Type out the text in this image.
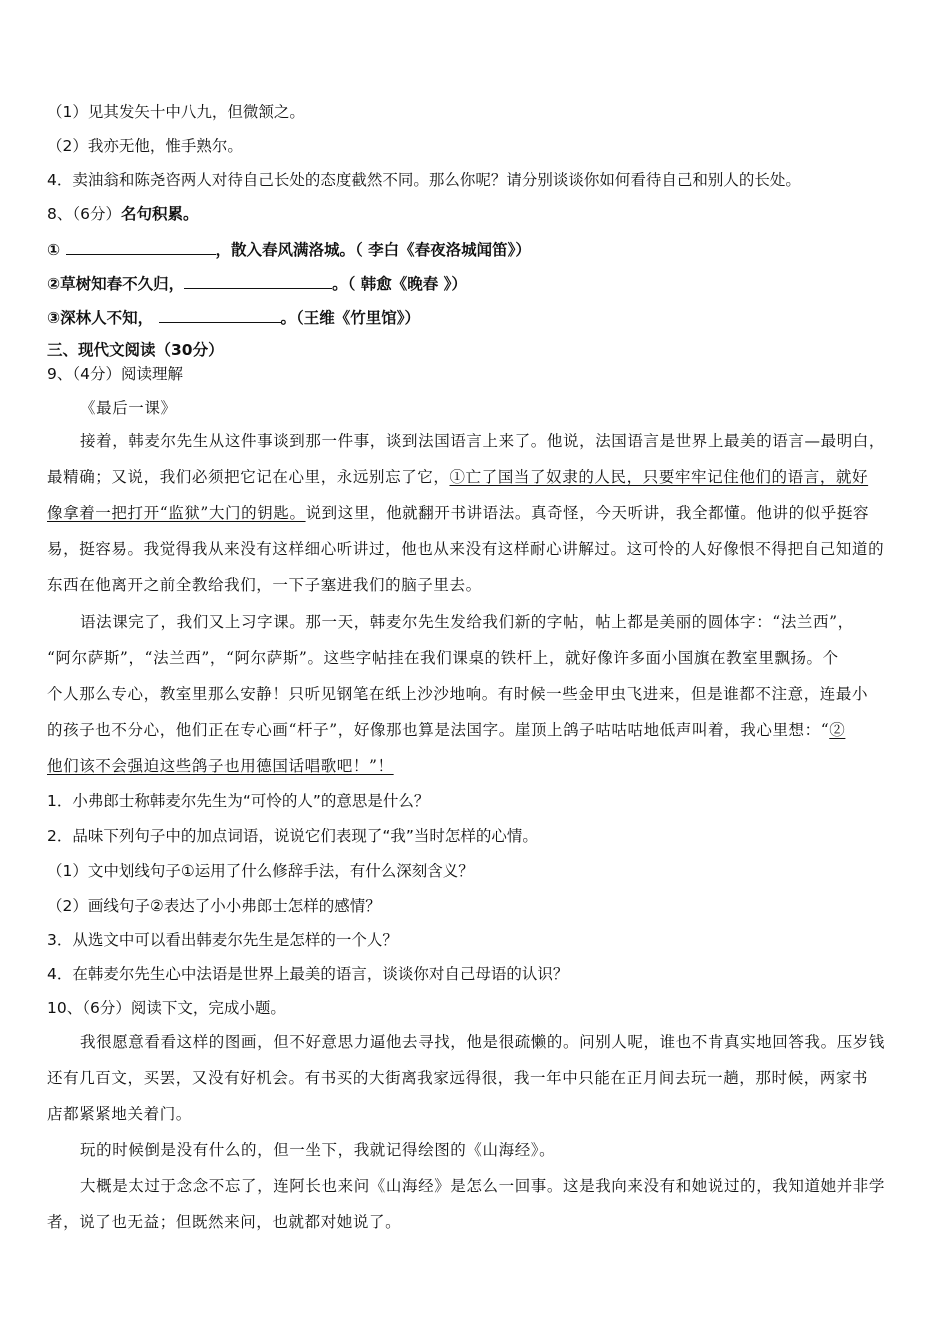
（1）见其发矢十中八九，但微颔之。
（2）我亦无他，惟手熟尔。
4．卖油翁和陈尧咨两人对待自己长处的态度截然不同。那么你呢？请分别谈谈你如何看待自己和别人的长处。
8、（6分）名句积累。
①	，散入春风满洛城。（ 李白《春夜洛城闻笛》）
②草树知春不久归，	。（ 韩愈《晚春 》）
③深林人不知，	。（王维《竹里馆》）
三、现代文阅读（30分）
9、（4分）阅读理解
《最后一课》
接着，韩麦尔先生从这件事谈到那一件事，谈到法国语言上来了。他说，法国语言是世界上最美的语言—最明白，
最精确；又说，我们必须把它记在心里，永远别忘了它，①亡了国当了奴隶的人民，只要牢牢记住他们的语言，就好
像拿着一把打开“监狱”大门的钥匙。说到这里，他就翻开书讲语法。真奇怪，今天听讲，我全都懂。他讲的似乎挺容
易，挺容易。我觉得我从来没有这样细心听讲过，他也从来没有这样耐心讲解过。这可怜的人好像恨不得把自己知道的
东西在他离开之前全教给我们，一下子塞进我们的脑子里去。
语法课完了，我们又上习字课。那一天，韩麦尔先生发给我们新的字帖，帖上都是美丽的圆体字：“法兰西”，
“阿尔萨斯”，“法兰西”，“阿尔萨斯”。这些字帖挂在我们课桌的铁杆上，就好像许多面小国旗在教室里飘扬。个
个人那么专心，教室里那么安静！只听见钢笔在纸上沙沙地响。有时候一些金甲虫飞进来，但是谁都不注意，连最小
的孩子也不分心，他们正在专心画“杆子”，好像那也算是法国字。崖顶上鸽子咕咕咕地低声叫着，我心里想：“②
他们该不会强迫这些鸽子也用德国话唱歌吧！”！
1．小弗郎士称韩麦尔先生为“可怜的人”的意思是什么？
2．品味下列句子中的加点词语，说说它们表现了“我”当时怎样的心情。
（1）文中划线句子①运用了什么修辞手法，有什么深刻含义？
（2）画线句子②表达了小小弗郎士怎样的感情？
3．从选文中可以看出韩麦尔先生是怎样的一个人？
4．在韩麦尔先生心中法语是世界上最美的语言，谈谈你对自己母语的认识？
10、（6分）阅读下文，完成小题。
我很愿意看看这样的图画，但不好意思力逼他去寻找，他是很疏懒的。问别人呢，谁也不肯真实地回答我。压岁钱
还有几百文，买罢，又没有好机会。有书买的大街离我家远得很，我一年中只能在正月间去玩一趟，那时候，两家书
店都紧紧地关着门。
玩的时候倒是没有什么的，但一坐下，我就记得绘图的《山海经》。
大概是太过于念念不忘了，连阿长也来问《山海经》是怎么一回事。这是我向来没有和她说过的，我知道她并非学
者，说了也无益；但既然来问，也就都对她说了。
